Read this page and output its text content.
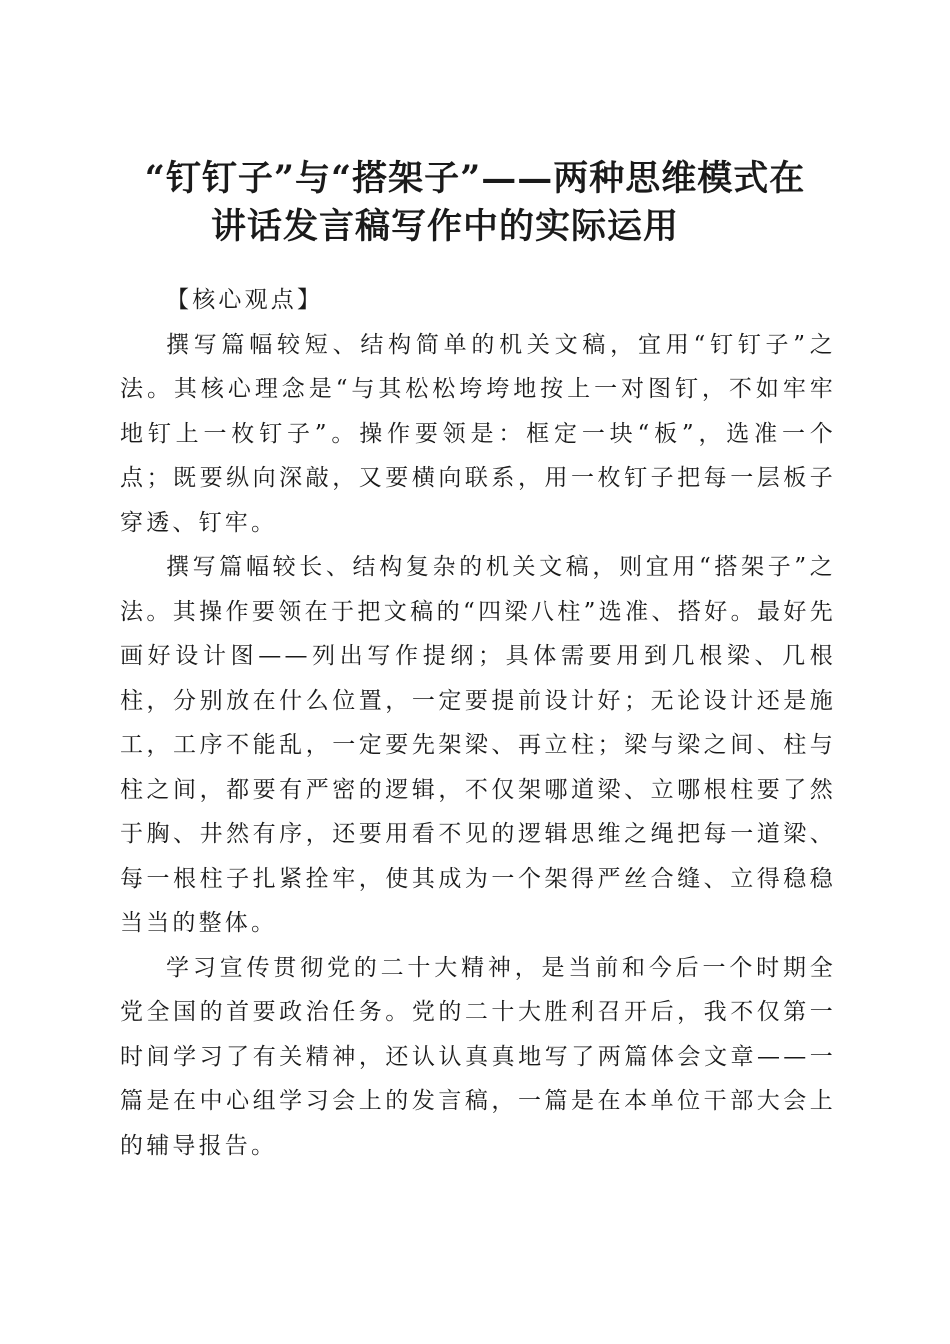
“钉钉子”与“搭架子”——两种思维模式在
讲话发言稿写作中的实际运用

【核心观点】

撰写篇幅较短、结构简单的机关文稿，宜用“钉钉子”之法。其核心理念是“与其松松垮垮地按上一对图钉，不如牢牢地钉上一枚钉子”。操作要领是：框定一块“板”，选准一个点；既要纵向深敲，又要横向联系，用一枚钉子把每一层板子穿透、钉牢。

撰写篇幅较长、结构复杂的机关文稿，则宜用“搭架子”之法。其操作要领在于把文稿的“四梁八柱”选准、搭好。最好先画好设计图——列出写作提纲；具体需要用到几根梁、几根柱，分别放在什么位置，一定要提前设计好；无论设计还是施工，工序不能乱，一定要先架梁、再立柱；梁与梁之间、柱与柱之间，都要有严密的逻辑，不仅架哪道梁、立哪根柱要了然于胸、井然有序，还要用看不见的逻辑思维之绳把每一道梁、每一根柱子扎紧拴牢，使其成为一个架得严丝合缝、立得稳稳当当的整体。

学习宣传贯彻党的二十大精神，是当前和今后一个时期全党全国的首要政治任务。党的二十大胜利召开后，我不仅第一时间学习了有关精神，还认认真真地写了两篇体会文章——一篇是在中心组学习会上的发言稿，一篇是在本单位干部大会上的辅导报告。
